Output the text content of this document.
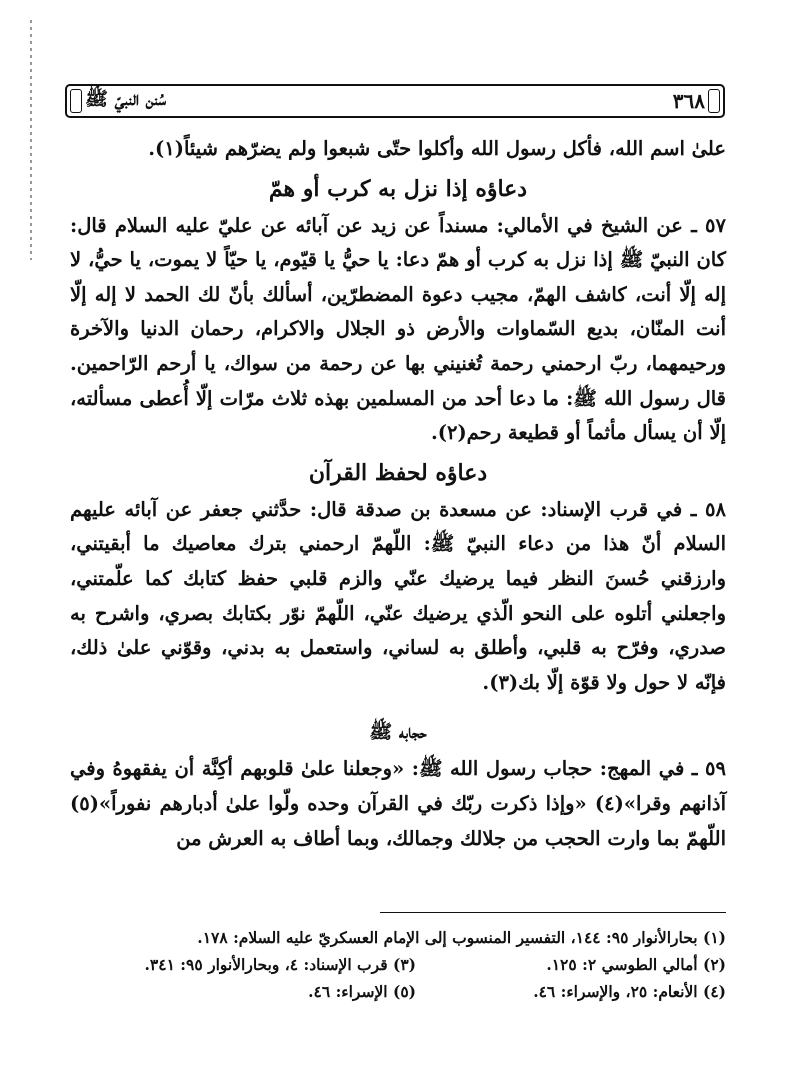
سُنن النبيّ ﷺ	٣٦٨

علىٰ اسم الله، فأكل رسول الله وأكلوا حتّى شبعوا ولم يضرّهم شيئاً(١).

دعاؤه إذا نزل به كرب أو همّ

٥٧ ـ عن الشيخ في الأمالي: مسنداً عن زيد عن آبائه عن عليّ عليه السلام قال: كان النبيّ ﷺ إذا نزل به كرب أو همّ دعا: يا حيُّ يا قيّوم، يا حيّاً لا يموت، يا حيُّ، لا إله إلّا أنت، كاشف الهمّ، مجيب دعوة المضطرّين، أسألك بأنّ لك الحمد لا إله إلّا أنت المنّان، بديع السّماوات والأرض ذو الجلال والاكرام، رحمان الدنيا والآخرة ورحيمهما، ربّ ارحمني رحمة تُغنيني بها عن رحمة من سواك، يا أرحم الرّاحمين. قال رسول الله ﷺ: ما دعا أحد من المسلمين بهذه ثلاث مرّات إلّا أُعطى مسألته، إلّا أن يسأل مأثماً أو قطيعة رحم(٢).

دعاؤه لحفظ القرآن

٥٨ ـ في قرب الإسناد: عن مسعدة بن صدقة قال: حدَّثني جعفر عن آبائه عليهم السلام أنّ هذا من دعاء النبيّ ﷺ: اللّهمّ ارحمني بترك معاصيك ما أبقيتني، وارزقني حُسنَ النظر فيما يرضيك عنّي والزم قلبي حفظ كتابك كما علّمتني، واجعلني أتلوه على النحو الّذي يرضيك عنّي، اللّهمّ نوّر بكتابك بصري، واشرح به صدري، وفرّح به قلبي، وأطلق به لساني، واستعمل به بدني، وقوّني علىٰ ذلك، فإنّه لا حول ولا قوّة إلّا بك(٣).

حجابه ﷺ

٥٩ ـ في المهج: حجاب رسول الله ﷺ: «وجعلنا علىٰ قلوبهم أكِنَّة أن يفقهوهُ وفي آذانهم وقرا»(٤) «وإذا ذكرت ربّك في القرآن وحده ولّوا علىٰ أدبارهم نفوراً»(٥) اللّهمّ بما وارت الحجب من جلالك وجمالك، وبما أطاف به العرش من

(١) بحارالأنوار ٩٥: ١٤٤، التفسير المنسوب إلى الإمام العسكريّ عليه السلام: ١٧٨.
(٢) أمالي الطوسي ٢: ١٢٥.
(٣) قرب الإسناد: ٤، وبحارالأنوار ٩٥: ٣٤١.
(٤) الأنعام: ٢٥، والإسراء: ٤٦.
(٥) الإسراء: ٤٦.
